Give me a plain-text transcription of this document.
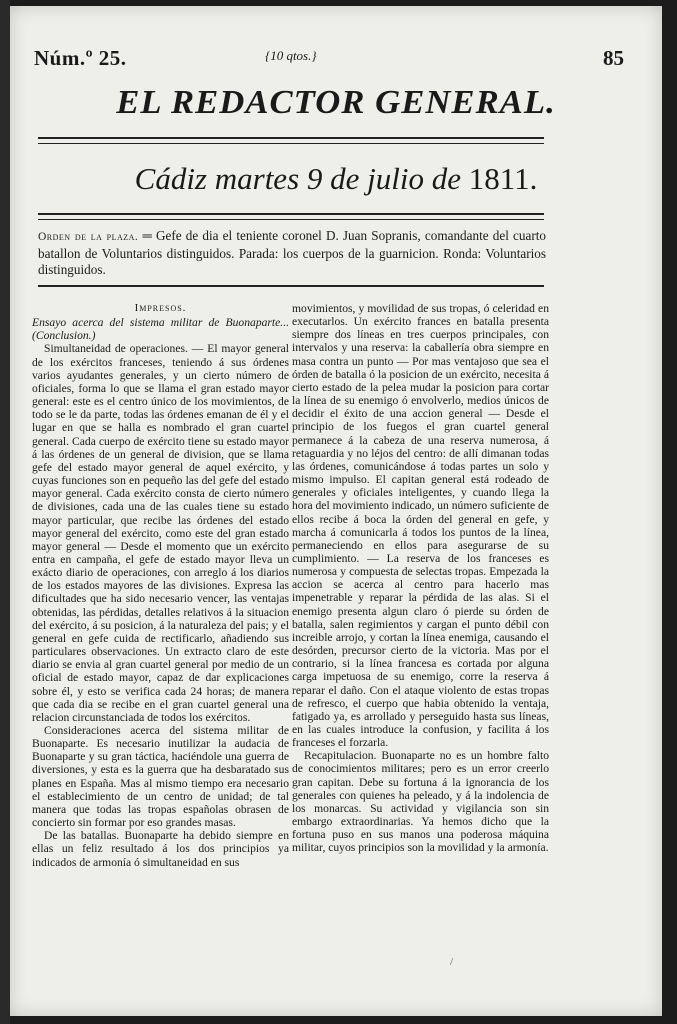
Núm.º 25.	{10 qtos.}	85
EL REDACTOR GENERAL.
Cádiz martes 9 de julio de 1811.
Orden de la plaza. ═ Gefe de dia el teniente coronel D. Juan Sopranis, comandante del cuarto batallon de Voluntarios distinguidos. Parada: los cuerpos de la guarnicion. Ronda: Voluntarios distinguidos.
Impresos.

Ensayo acerca del sistema militar de Buonaparte... (Conclusion.)

Simultaneidad de operaciones. — El mayor general de los exércitos franceses, teniendo á sus órdenes varios ayudantes generales, y un cierto número de oficiales, forma lo que se llama el gran estado mayor general: este es el centro único de los movimientos, de todo se le da parte, todas las órdenes emanan de él y el lugar en que se halla es nombrado el gran cuartel general. Cada cuerpo de exército tiene su estado mayor á las órdenes de un general de division, que se llama gefe del estado mayor general de aquel exército, y cuyas funciones son en pequeño las del gefe del estado mayor general. Cada exército consta de cierto número de divisiones, cada una de las cuales tiene su estado mayor particular, que recibe las órdenes del estado mayor general del exército, como este del gran estado mayor general — Desde el momento que un exército entra en campaña, el gefe de estado mayor lleva un exácto diario de operaciones, con arreglo á los diarios de los estados mayores de las divisiones. Expresa las dificultades que ha sido necesario vencer, las ventajas obtenidas, las pérdidas, detalles relativos á la situacion del exército, á su posicion, á la naturaleza del pais; y el general en gefe cuida de rectificarlo, añadiendo sus particulares observaciones. Un extracto claro de este diario se envia al gran cuartel general por medio de un oficial de estado mayor, capaz de dar explicaciones sobre él, y esto se verifica cada 24 horas; de manera que cada dia se recibe en el gran cuartel general una relacion circunstanciada de todos los exércitos.

Consideraciones acerca del sistema militar de Buonaparte. Es necesario inutilizar la audacia de Buonaparte y su gran táctica, haciéndole una guerra de diversiones, y esta es la guerra que ha desbaratado sus planes en España. Mas al mismo tiempo era necesario el establecimiento de un centro de unidad; de tal manera que todas las tropas españolas obrasen de concierto sin formar por eso grandes masas.

De las batallas. Buonaparte ha debido siempre en ellas un feliz resultado á los dos principios ya indicados de armonía ó simultaneidad en sus

movimientos, y movilidad de sus tropas, ó celeridad en executarlos. Un exército frances en batalla presenta siempre dos líneas en tres cuerpos principales, con intervalos y una reserva: la caballería obra siempre en masa contra un punto — Por mas ventajoso que sea el órden de batalla ó la posicion de un exército, necesita á cierto estado de la pelea mudar la posicion para cortar la línea de su enemigo ó envolverlo, medios únicos de decidir el éxito de una accion general — Desde el principio de los fuegos el gran cuartel general permanece á la cabeza de una reserva numerosa, á retaguardia y no léjos del centro: de allí dimanan todas las órdenes, comunicándose á todas partes un solo y mismo impulso. El capitan general está rodeado de generales y oficiales inteligentes, y cuando llega la hora del movimiento indicado, un número suficiente de ellos recibe á boca la órden del general en gefe, y marcha á comunicarla á todos los puntos de la línea, permaneciendo en ellos para asegurarse de su cumplimiento. — La reserva de los franceses es numerosa y compuesta de selectas tropas. Empezada la accion se acerca al centro para hacerlo mas impenetrable y reparar la pérdida de las alas. Si el enemigo presenta algun claro ó pierde su órden de batalla, salen regimientos y cargan el punto débil con increible arrojo, y cortan la línea enemiga, causando el desórden, precursor cierto de la victoria. Mas por el contrario, si la línea francesa es cortada por alguna carga impetuosa de su enemigo, corre la reserva á reparar el daño. Con el ataque violento de estas tropas de refresco, el cuerpo que habia obtenido la ventaja, fatigado ya, es arrollado y perseguido hasta sus líneas, en las cuales introduce la confusion, y facilita á los franceses el forzarla.

Recapitulacion. Buonaparte no es un hombre falto de conocimientos militares; pero es un error creerlo gran capitan. Debe su fortuna á la ignorancia de los generales con quienes ha peleado, y á la indolencia de los monarcas. Su actividad y vigilancia son sin embargo extraordinarias. Ya hemos dicho que la fortuna puso en sus manos una poderosa máquina militar, cuyos principios son la movilidad y la armonía.

/
